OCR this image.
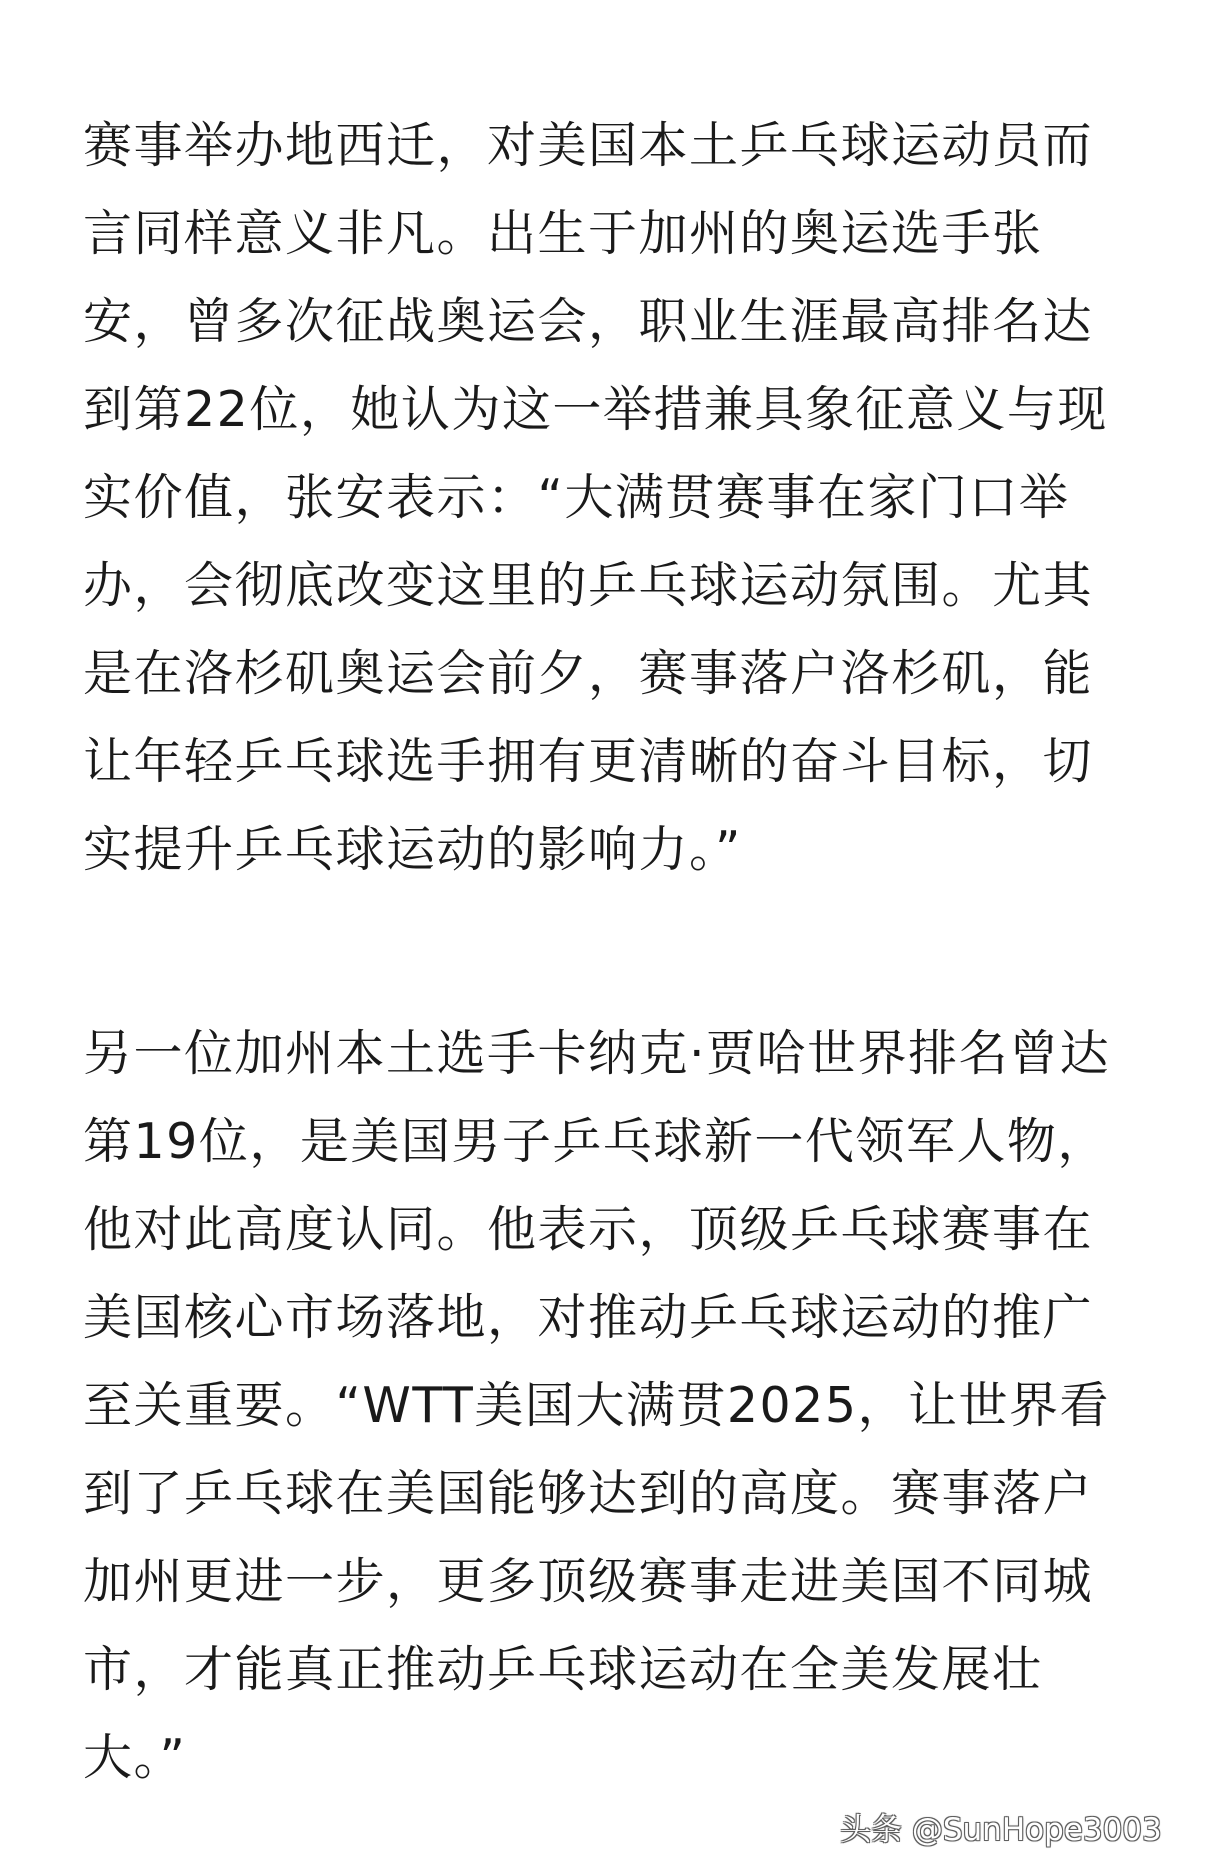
赛事举办地西迁，对美国本土乒乓球运动员而
言同样意义非凡。出生于加州的奥运选手张
安，曾多次征战奥运会，职业生涯最高排名达
到第22位，她认为这一举措兼具象征意义与现
实价值，张安表示：“大满贯赛事在家门口举
办，会彻底改变这里的乒乓球运动氛围。尤其
是在洛杉矶奥运会前夕，赛事落户洛杉矶，能
让年轻乒乓球选手拥有更清晰的奋斗目标，切
实提升乒乓球运动的影响力。”
另一位加州本土选手卡纳克·贾哈世界排名曾达
第19位，是美国男子乒乓球新一代领军人物，
他对此高度认同。他表示，顶级乒乓球赛事在
美国核心市场落地，对推动乒乓球运动的推广
至关重要。“WTT美国大满贯2025，让世界看
到了乒乓球在美国能够达到的高度。赛事落户
加州更进一步，更多顶级赛事走进美国不同城
市，才能真正推动乒乓球运动在全美发展壮
大。”
头条 @SunHope3003
